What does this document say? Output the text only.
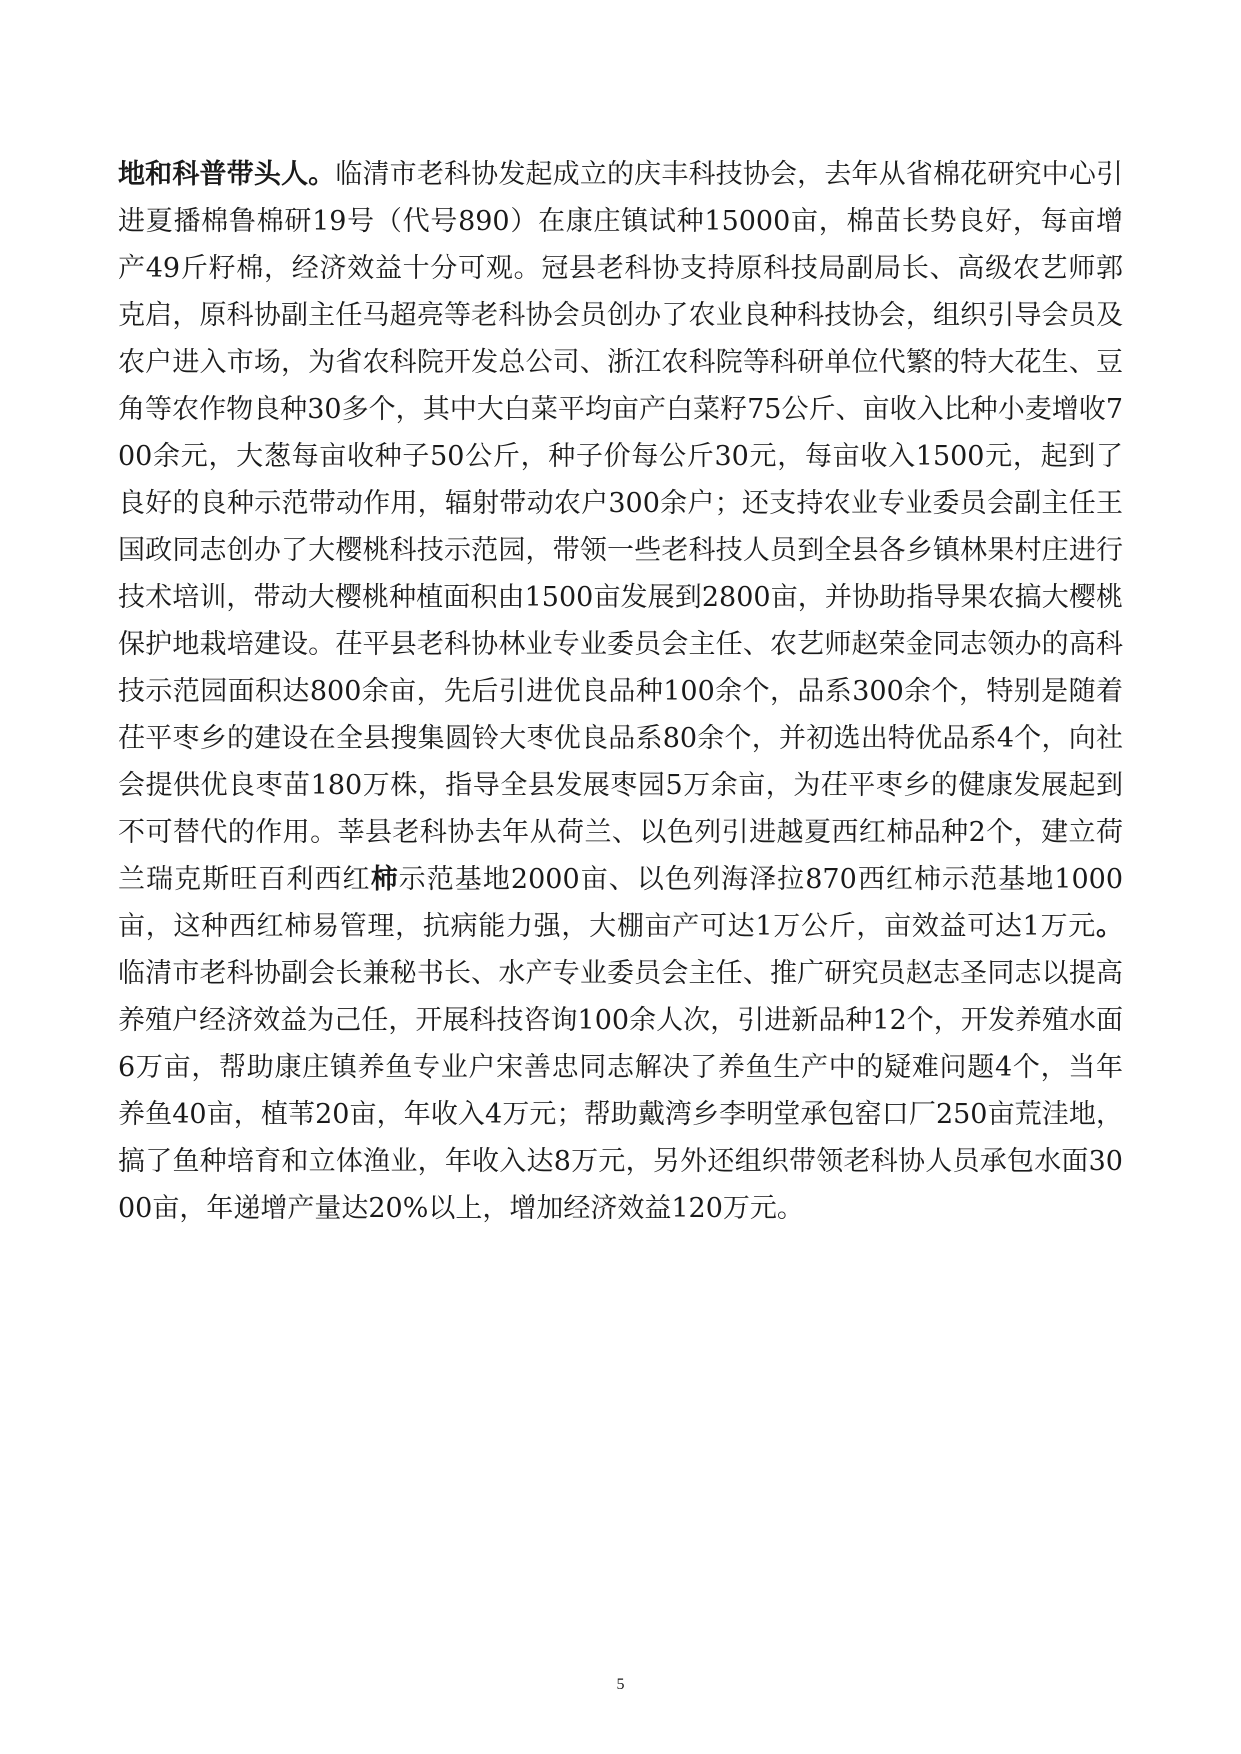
地和科普带头人。临清市老科协发起成立的庆丰科技协会，去年从省棉花研究中心引进夏播棉鲁棉研19号（代号890）在康庄镇试种15000亩，棉苗长势良好，每亩增产49斤籽棉，经济效益十分可观。冠县老科协支持原科技局副局长、高级农艺师郭克启，原科协副主任马超亮等老科协会员创办了农业良种科技协会，组织引导会员及农户进入市场，为省农科院开发总公司、浙江农科院等科研单位代繁的特大花生、豆角等农作物良种30多个，其中大白菜平均亩产白菜籽75公斤、亩收入比种小麦增收700余元，大葱每亩收种子50公斤，种子价每公斤30元，每亩收入1500元，起到了良好的良种示范带动作用，辐射带动农户300余户；还支持农业专业委员会副主任王国政同志创办了大樱桃科技示范园，带领一些老科技人员到全县各乡镇林果村庄进行技术培训，带动大樱桃种植面积由1500亩发展到2800亩，并协助指导果农搞大樱桃保护地栽培建设。茌平县老科协林业专业委员会主任、农艺师赵荣金同志领办的高科技示范园面积达800余亩，先后引进优良品种100余个，品系300余个，特别是随着茌平枣乡的建设在全县搜集圆铃大枣优良品系80余个，并初选出特优品系4个，向社会提供优良枣苗180万株，指导全县发展枣园5万余亩，为茌平枣乡的健康发展起到不可替代的作用。莘县老科协去年从荷兰、以色列引进越夏西红柿品种2个，建立荷兰瑞克斯旺百利西红柿示范基地2000亩、以色列海泽拉870西红柿示范基地1000亩，这种西红柿易管理，抗病能力强，大棚亩产可达1万公斤，亩效益可达1万元。临清市老科协副会长兼秘书长、水产专业委员会主任、推广研究员赵志圣同志以提高养殖户经济效益为己任，开展科技咨询100余人次，引进新品种12个，开发养殖水面6万亩，帮助康庄镇养鱼专业户宋善忠同志解决了养鱼生产中的疑难问题4个，当年养鱼40亩，植苇20亩，年收入4万元；帮助戴湾乡李明堂承包窑口厂250亩荒洼地，搞了鱼种培育和立体渔业，年收入达8万元，另外还组织带领老科协人员承包水面3000亩，年递增产量达20%以上，增加经济效益120万元。

5
